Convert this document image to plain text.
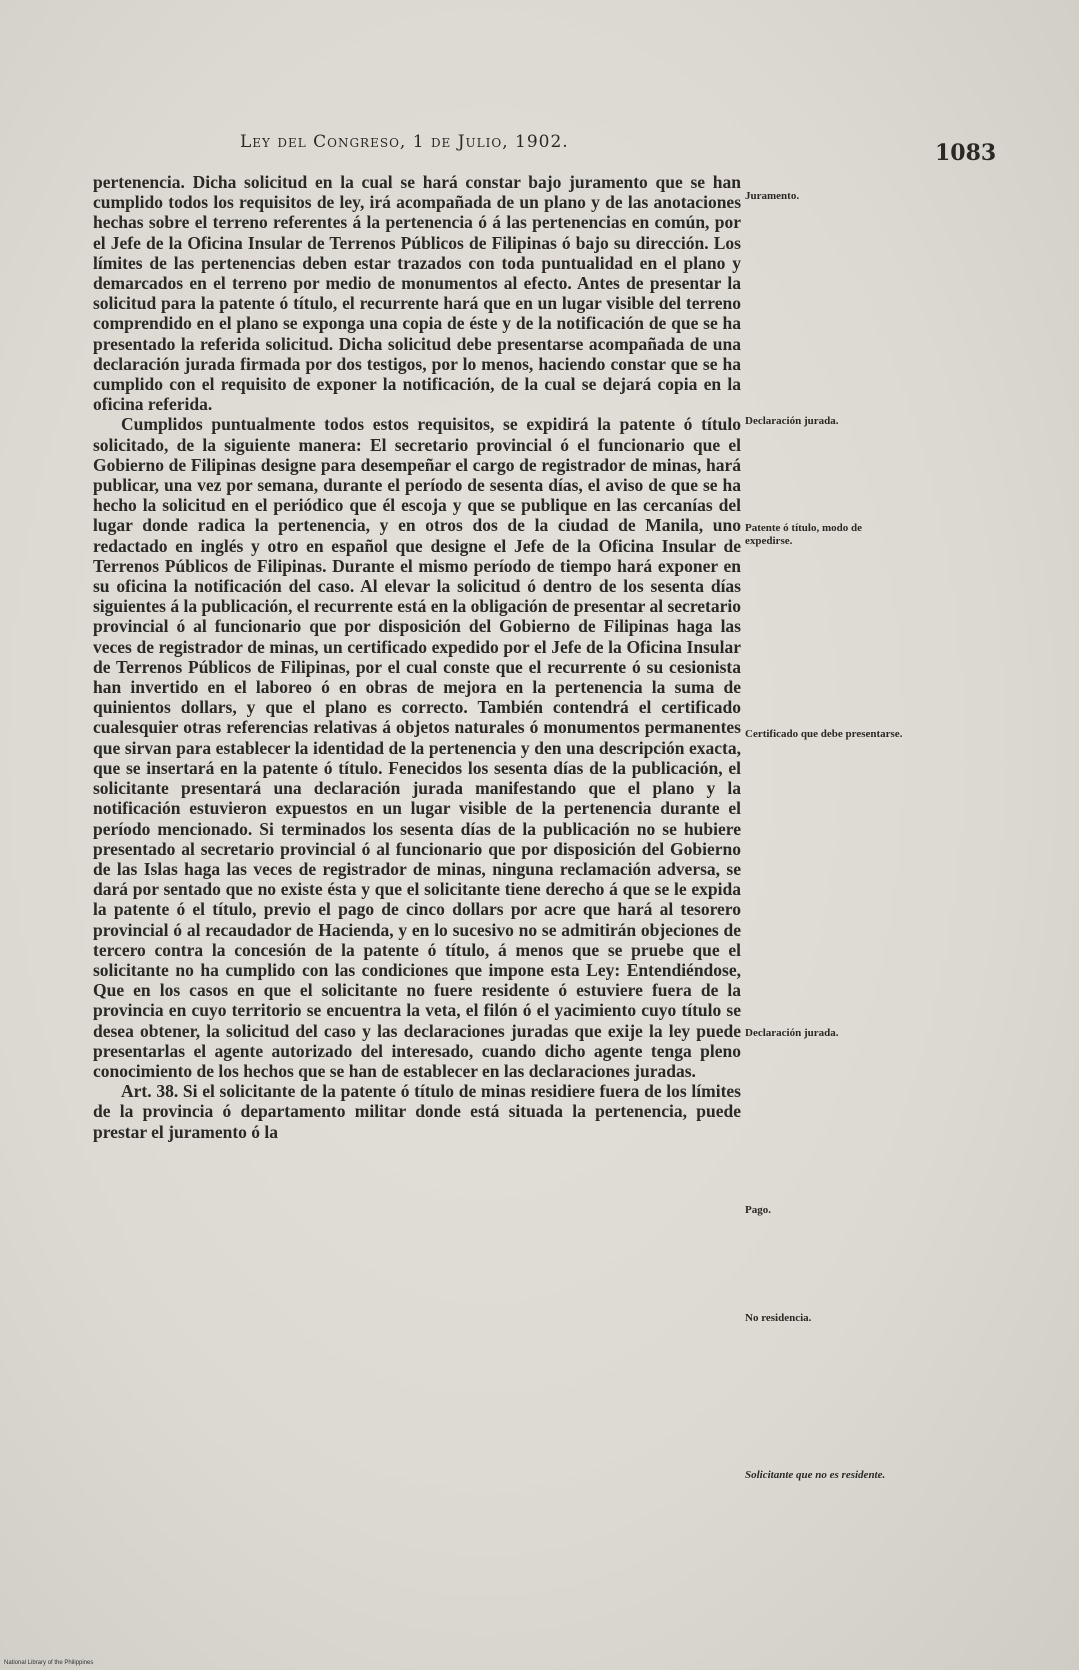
Ley del Congreso, 1 de Julio, 1902.	1083

pertenencia. Dicha solicitud en la cual se hará constar bajo juramento que se han cumplido todos los requisitos de ley, irá acompañada de un plano y de las anotaciones hechas sobre el terreno referentes á la pertenencia ó á las pertenencias en común, por el Jefe de la Oficina Insular de Terrenos Públicos de Filipinas ó bajo su dirección. Los límites de las pertenencias deben estar trazados con toda puntualidad en el plano y demarcados en el terreno por medio de monumentos al efecto. Antes de presentar la solicitud para la patente ó título, el recurrente hará que en un lugar visible del terreno comprendido en el plano se exponga una copia de éste y de la notificación de que se ha presentado la referida solicitud. Dicha solicitud debe presentarse acompañada de una declaración jurada firmada por dos testigos, por lo menos, haciendo constar que se ha cumplido con el requisito de exponer la notificación, de la cual se dejará copia en la oficina referida.

Cumplidos puntualmente todos estos requisitos, se expidirá la patente ó título solicitado, de la siguiente manera: El secretario provincial ó el funcionario que el Gobierno de Filipinas designe para desempeñar el cargo de registrador de minas, hará publicar, una vez por semana, durante el período de sesenta días, el aviso de que se ha hecho la solicitud en el periódico que él escoja y que se publique en las cercanías del lugar donde radica la pertenencia, y en otros dos de la ciudad de Manila, uno redactado en inglés y otro en español que designe el Jefe de la Oficina Insular de Terrenos Públicos de Filipinas. Durante el mismo período de tiempo hará exponer en su oficina la notificación del caso. Al elevar la solicitud ó dentro de los sesenta días siguientes á la publicación, el recurrente está en la obligación de presentar al secretario provincial ó al funcionario que por disposición del Gobierno de Filipinas haga las veces de registrador de minas, un certificado expedido por el Jefe de la Oficina Insular de Terrenos Públicos de Filipinas, por el cual conste que el recurrente ó su cesionista han invertido en el laboreo ó en obras de mejora en la pertenencia la suma de quinientos dollars, y que el plano es correcto. También contendrá el certificado cualesquier otras referencias relativas á objetos naturales ó monumentos permanentes que sirvan para establecer la identidad de la pertenencia y den una descripción exacta, que se insertará en la patente ó título. Fenecidos los sesenta días de la publicación, el solicitante presentará una declaración jurada manifestando que el plano y la notificación estuvieron expuestos en un lugar visible de la pertenencia durante el período mencionado. Si terminados los sesenta días de la publicación no se hubiere presentado al secretario provincial ó al funcionario que por disposición del Gobierno de las Islas haga las veces de registrador de minas, ninguna reclamación adversa, se dará por sentado que no existe ésta y que el solicitante tiene derecho á que se le expida la patente ó el título, previo el pago de cinco dollars por acre que hará al tesorero provincial ó al recaudador de Hacienda, y en lo sucesivo no se admitirán objeciones de tercero contra la concesión de la patente ó título, á menos que se pruebe que el solicitante no ha cumplido con las condiciones que impone esta Ley: Entendiéndose, Que en los casos en que el solicitante no fuere residente ó estuviere fuera de la provincia en cuyo territorio se encuentra la veta, el filón ó el yacimiento cuyo título se desea obtener, la solicitud del caso y las declaraciones juradas que exije la ley puede presentarlas el agente autorizado del interesado, cuando dicho agente tenga pleno conocimiento de los hechos que se han de establecer en las declaraciones juradas.

Art. 38. Si el solicitante de la patente ó título de minas residiere fuera de los límites de la provincia ó departamento militar donde está situada la pertenencia, puede prestar el juramento ó la

Juramento.
Declaración jurada.
Patente ó título, modo de expedirse.
Certificado que debe presentarse.
Declaración jurada.
Pago.
No residencia.
Solicitante que no es residente.
National Library of the Philippines
